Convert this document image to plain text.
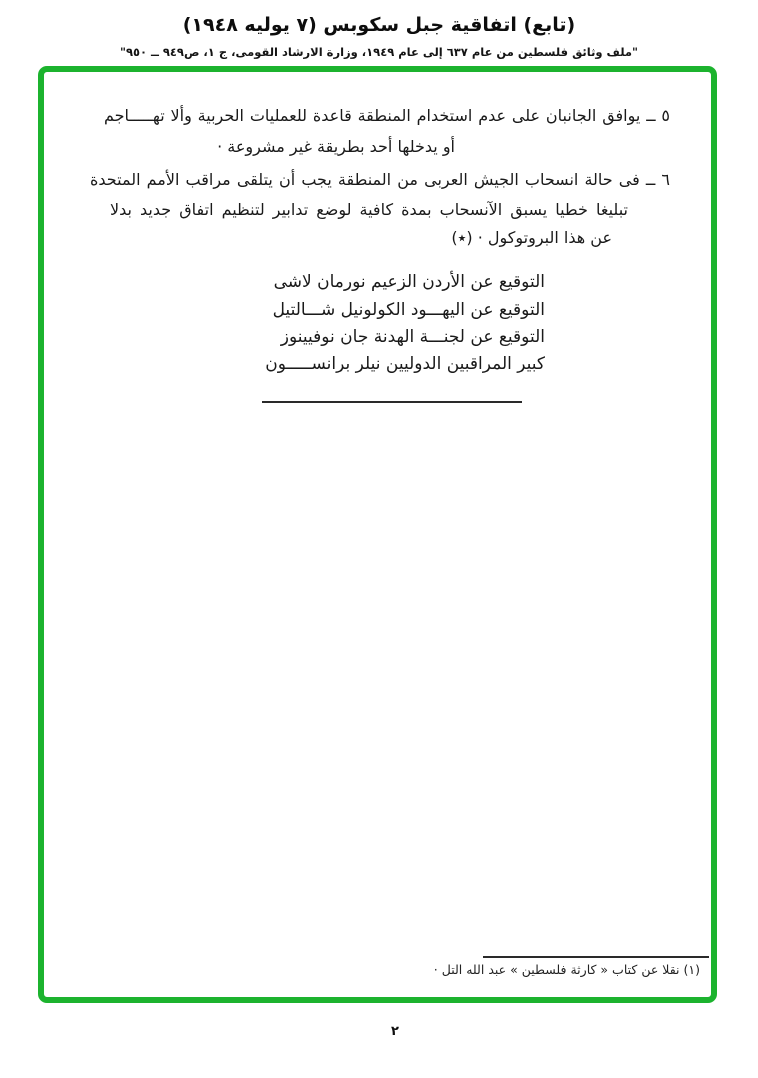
(تابع) اتفاقية جبل سكوبس (٧ يوليه ١٩٤٨)
"ملف وثائق فلسطين من عام ٦٣٧ إلى عام ١٩٤٩، وزارة الارشاد القومى، ج ١، ص٩٤٩ ــ ٩٥٠"
٥ ــ يوافق الجانبان على عدم استخدام المنطقة قاعدة للعمليات الحربية وألا تهـــــاجم
أو يدخلها أحد بطريقة غير مشروعة ·
٦ ــ فى حالة انسحاب الجيش العربى من المنطقة يجب أن يتلقى مراقب الأمم المتحدة
تبليغا خطيا يسبق الآنسحاب بمدة كافية لوضع تدابير لتنظيم اتفاق جديد بدلا
عن هذا البروتوكول · (٭)
التوقيع عن الأردن الزعيم نورمان لاشى
التوقيع عن اليهـــود الكولونيل شـــالتيل
التوقيع عن لجنـــة الهدنة جان نوفيينوز
كبير المراقبين الدوليين نيلر برانســـــون
(١) نقلا عن كتاب « كارثة فلسطين » عبد الله التل ·
٢
